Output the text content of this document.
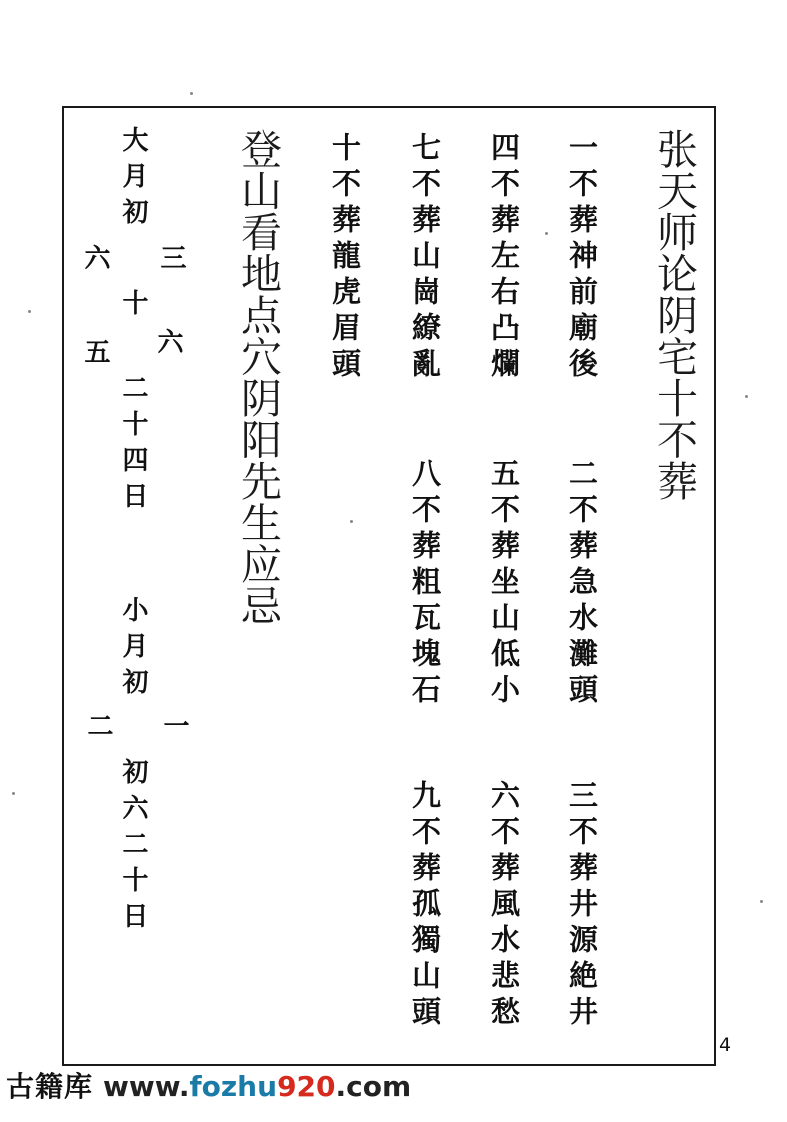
张天师论阴宅十不葬
一不葬神前廟後
二不葬急水灘頭
三不葬井源絶井
四不葬左右凸爛
五不葬坐山低小
六不葬風水悲愁
七不葬山崗繚亂
八不葬粗瓦塊石
九不葬孤獨山頭
十不葬龍虎眉頭
登山看地点穴阴阳先生应忌
大月初
三
六
六
十
五
二十四日
小月初
一
二
初六二十日
4
古籍库 www.fozhu920.com
